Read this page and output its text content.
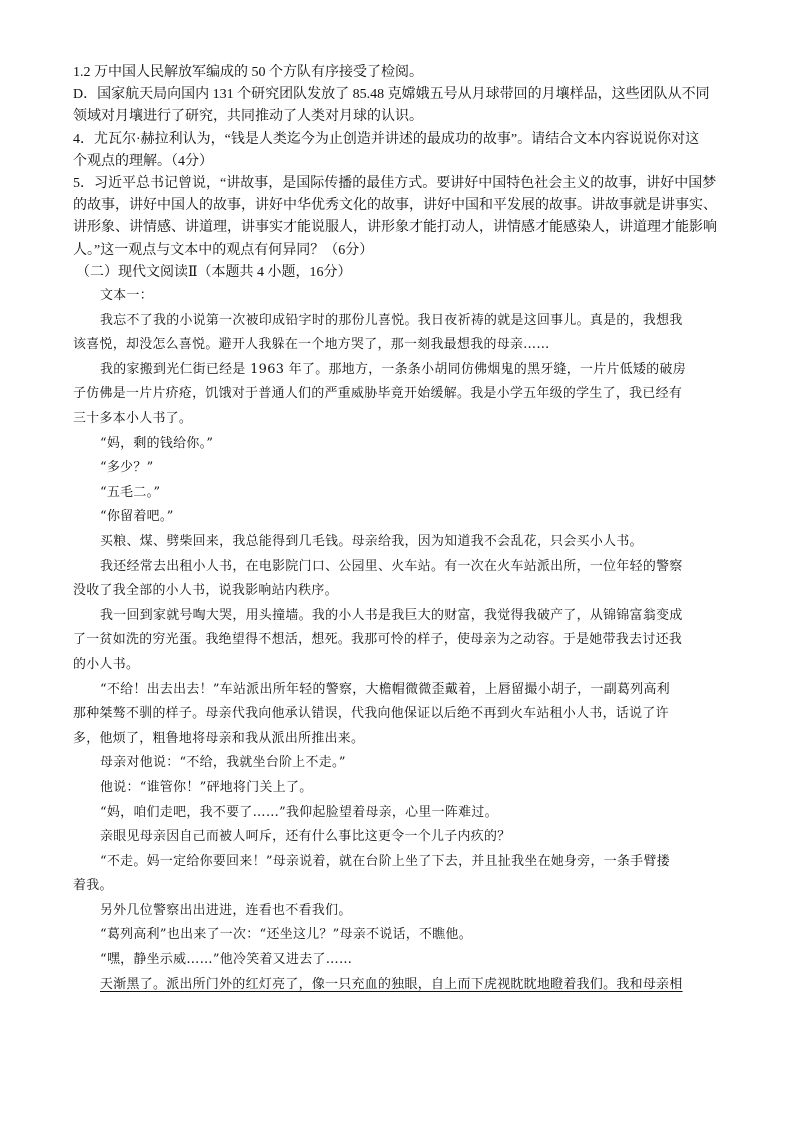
1.2 万中国人民解放军编成的 50 个方队有序接受了检阅。
D．国家航天局向国内 131 个研究团队发放了 85.48 克嫦娥五号从月球带回的月壤样品，这些团队从不同
领域对月壤进行了研究，共同推动了人类对月球的认识。
4．尤瓦尔·赫拉利认为，“钱是人类迄今为止创造并讲述的最成功的故事”。请结合文本内容说说你对这
个观点的理解。（4分）
5．习近平总书记曾说，“讲故事，是国际传播的最佳方式。要讲好中国特色社会主义的故事，讲好中国梦
的故事，讲好中国人的故事，讲好中华优秀文化的故事，讲好中国和平发展的故事。讲故事就是讲事实、
讲形象、讲情感、讲道理，讲事实才能说服人，讲形象才能打动人，讲情感才能感染人，讲道理才能影响
人。”这一观点与文本中的观点有何异同？（6分）
（二）现代文阅读Ⅱ（本题共 4 小题，16分）
文本一：
我忘不了我的小说第一次被印成铅字时的那份儿喜悦。我日夜祈祷的就是这回事儿。真是的，我想我
该喜悦，却没怎么喜悦。避开人我躲在一个地方哭了，那一刻我最想我的母亲……
我的家搬到光仁街已经是 1963 年了。那地方，一条条小胡同仿佛烟鬼的黑牙缝，一片片低矮的破房
子仿佛是一片片疥疮，饥饿对于普通人们的严重威胁毕竟开始缓解。我是小学五年级的学生了，我已经有
三十多本小人书了。
“妈，剩的钱给你。”
“多少？”
“五毛二。”
“你留着吧。”
买粮、煤、劈柴回来，我总能得到几毛钱。母亲给我，因为知道我不会乱花，只会买小人书。
我还经常去出租小人书，在电影院门口、公园里、火车站。有一次在火车站派出所，一位年轻的警察
没收了我全部的小人书，说我影响站内秩序。
我一回到家就号啕大哭，用头撞墙。我的小人书是我巨大的财富，我觉得我破产了，从锦锦富翁变成
了一贫如洗的穷光蛋。我绝望得不想活，想死。我那可怜的样子，使母亲为之动容。于是她带我去讨还我
的小人书。
“不给！出去出去！”车站派出所年轻的警察，大檐帽微微歪戴着，上唇留撮小胡子，一副葛列高利
那种桀骜不驯的样子。母亲代我向他承认错误，代我向他保证以后绝不再到火车站租小人书，话说了许
多，他烦了，粗鲁地将母亲和我从派出所推出来。
母亲对他说：“不给，我就坐台阶上不走。”
他说：“谁管你！”砰地将门关上了。
“妈，咱们走吧，我不要了……”我仰起脸望着母亲，心里一阵难过。
亲眼见母亲因自己而被人呵斥，还有什么事比这更令一个儿子内疚的？
“不走。妈一定给你要回来！”母亲说着，就在台阶上坐了下去，并且扯我坐在她身旁，一条手臂搂
着我。
另外几位警察出出进进，连看也不看我们。
“葛列高利”也出来了一次：“还坐这儿？”母亲不说话，不瞧他。
“嘿，静坐示威……”他冷笑着又进去了……
天渐黑了。派出所门外的红灯亮了，像一只充血的独眼，自上而下虎视眈眈地瞪着我们。我和母亲相
